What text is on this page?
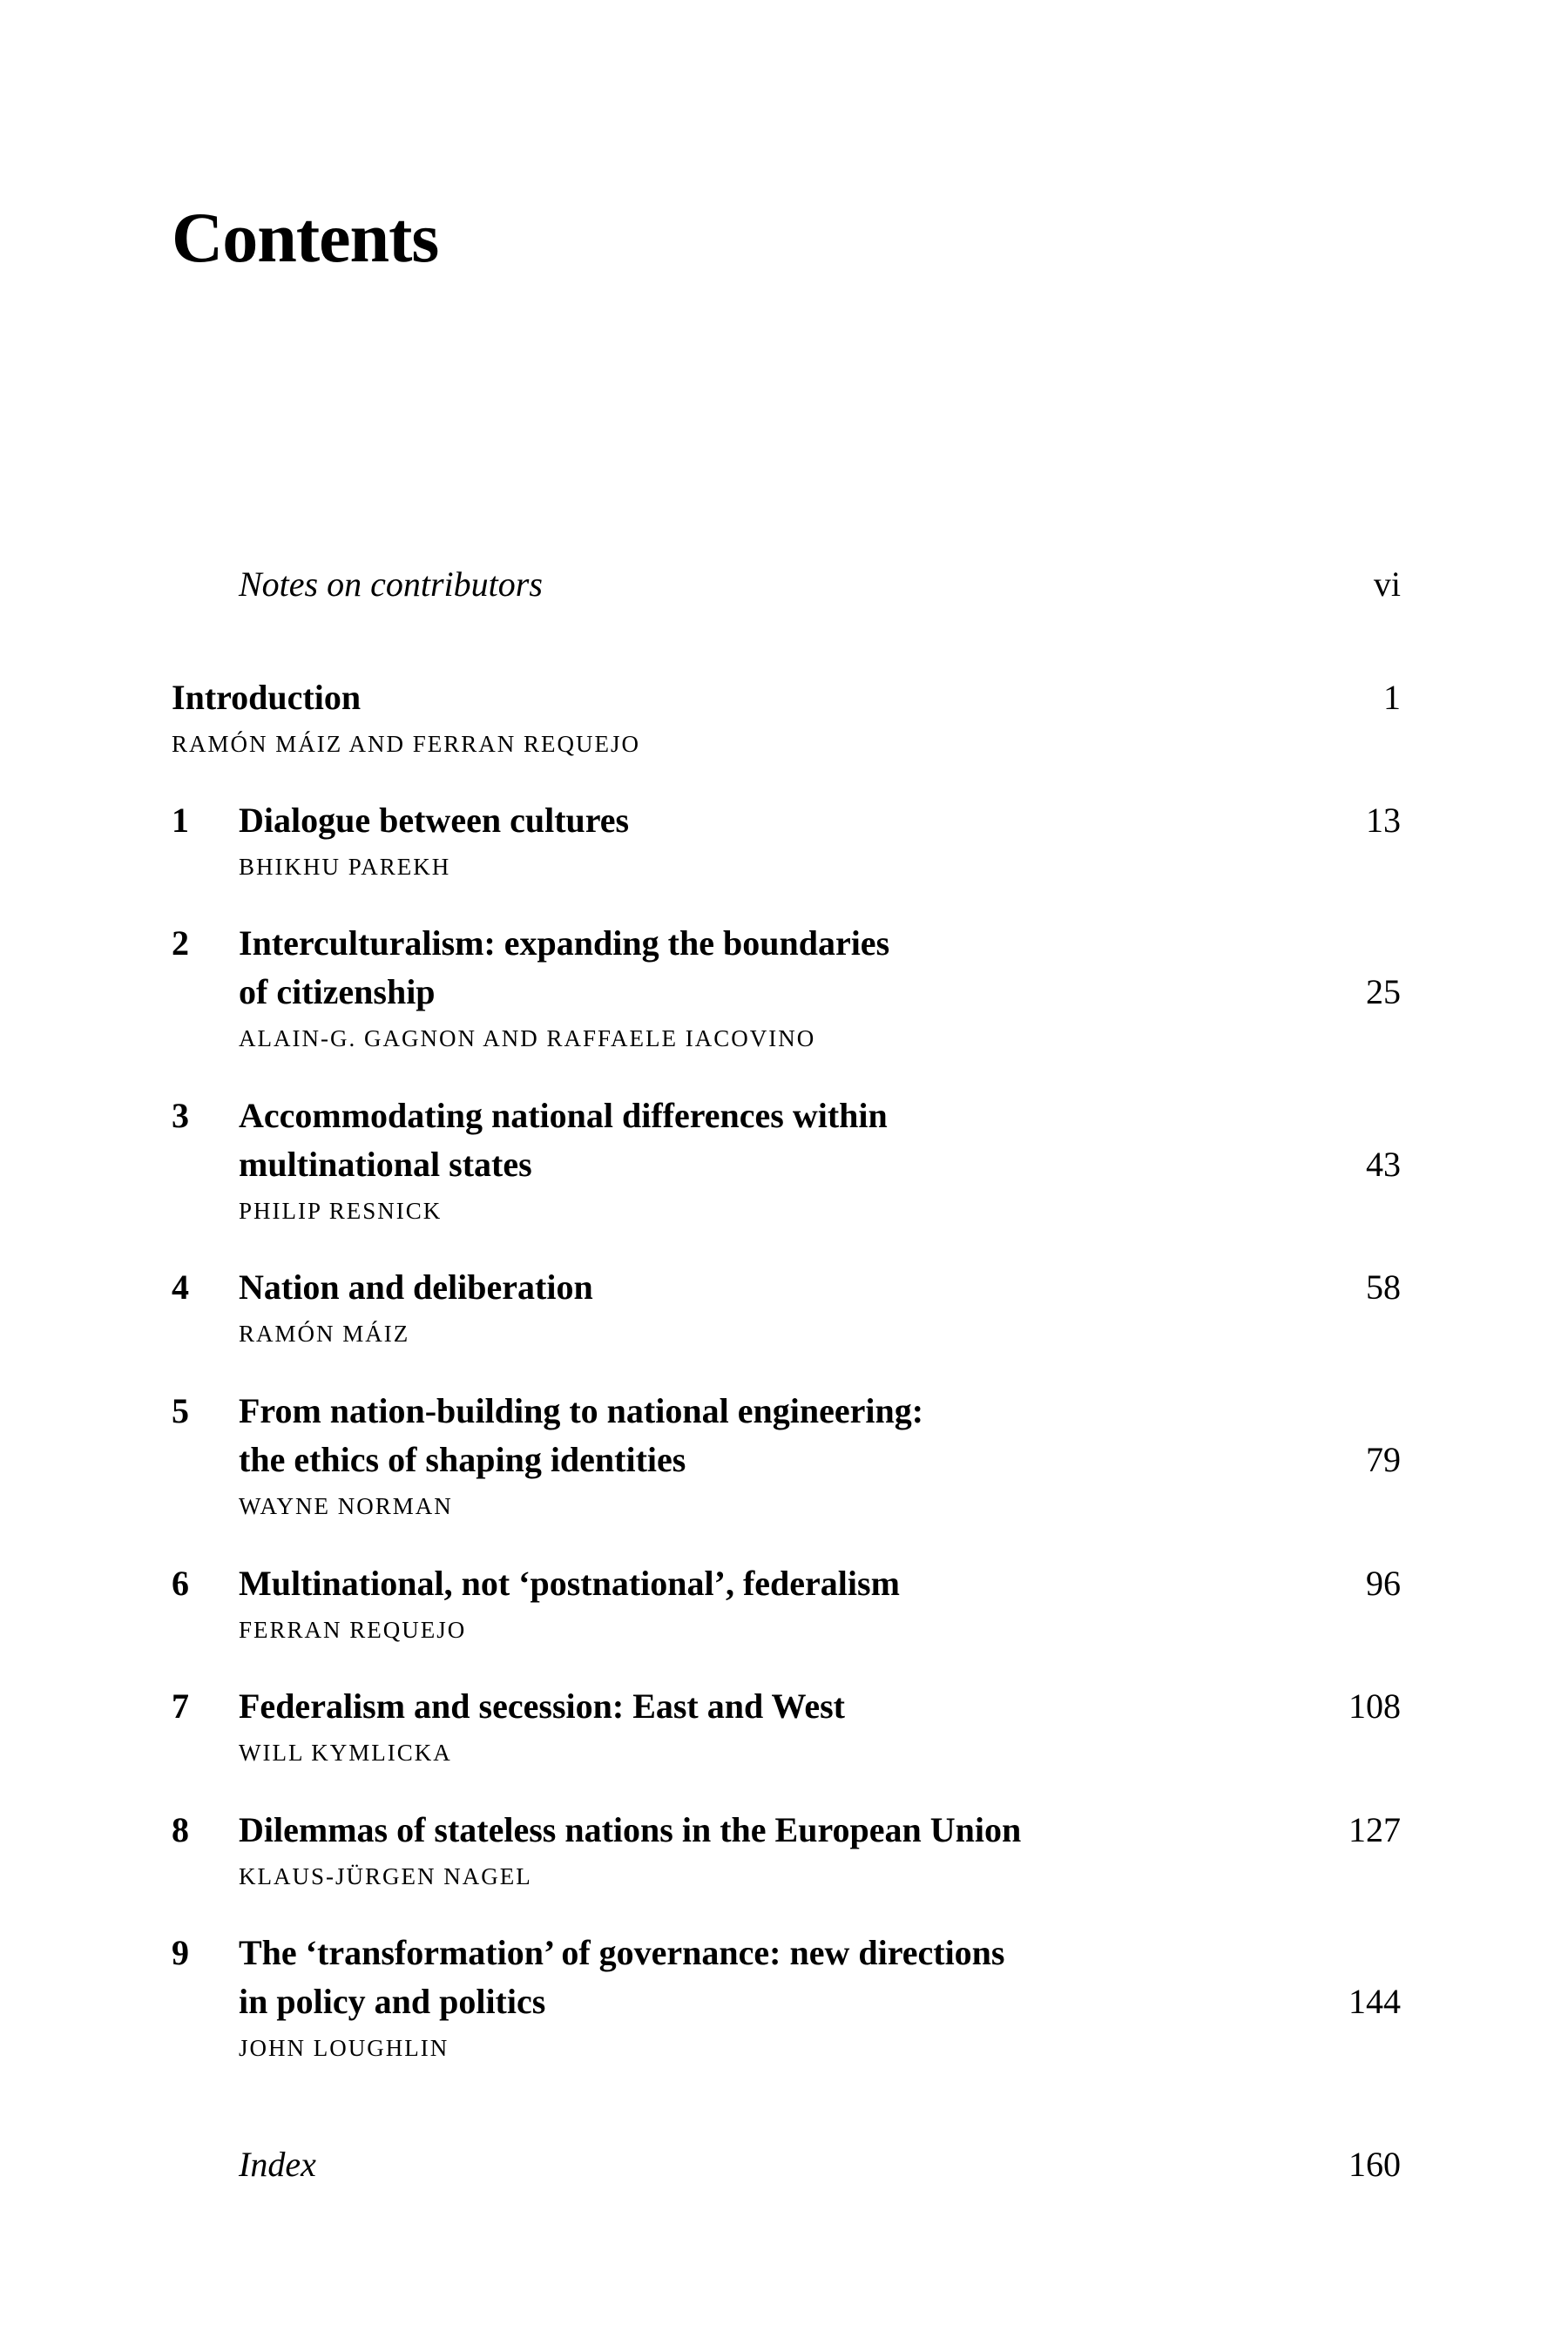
Contents
Notes on contributors	vi
Introduction	1
RAMÓN MÁIZ AND FERRAN REQUEJO
1 Dialogue between cultures	13
BHIKHU PAREKH
2 Interculturalism: expanding the boundaries
of citizenship	25
ALAIN-G. GAGNON AND RAFFAELE IACOVINO
3 Accommodating national differences within
multinational states	43
PHILIP RESNICK
4 Nation and deliberation	58
RAMÓN MÁIZ
5 From nation-building to national engineering:
the ethics of shaping identities	79
WAYNE NORMAN
6 Multinational, not ‘postnational’, federalism	96
FERRAN REQUEJO
7 Federalism and secession: East and West	108
WILL KYMLICKA
8 Dilemmas of stateless nations in the European Union	127
KLAUS-JÜRGEN NAGEL
9 The ‘transformation’ of governance: new directions
in policy and politics	144
JOHN LOUGHLIN
Index	160
